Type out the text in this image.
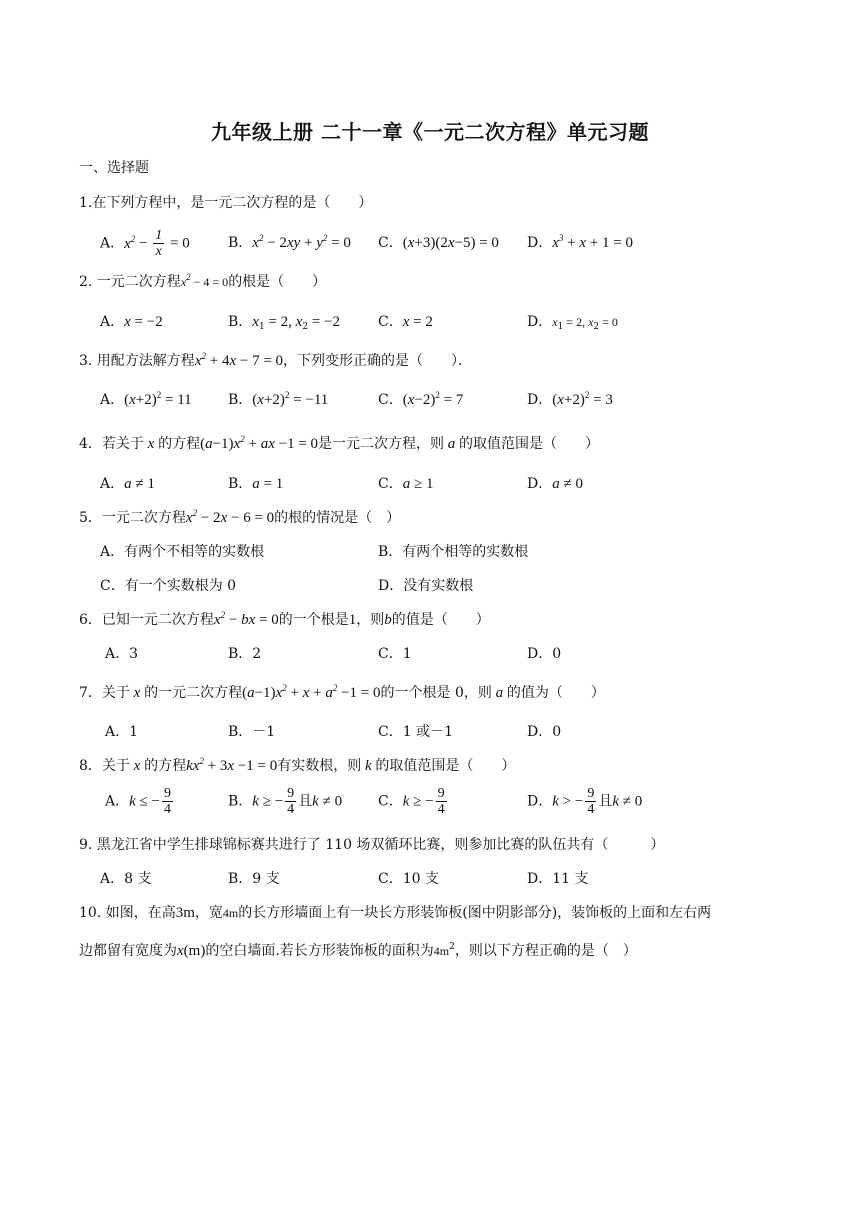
九年级上册 二十一章《一元二次方程》单元习题
一、选择题
1.在下列方程中，是一元二次方程的是（　　）
A．$x^2 - \frac{1}{x} = 0$	B．$x^2 - 2xy + y^2 = 0$ C．(x+3)(2x−5) = 0 D．$x^3 + x + 1 = 0$
2. 一元二次方程$x^2 - 4 = 0$的根是（　　）
A．x = −2	B．$x_1 = 2$, $x_2 = -2$	C．x = 2	D．$x_1 = 2$, $x_2 = 0$
3. 用配方法解方程$x^2 + 4x - 7 = 0$，下列变形正确的是（　　）．
A．$(x+2)^2 = 11$	B．$(x+2)^2 = -11$	C．$(x-2)^2 = 7$	D．$(x+2)^2 = 3$
4．若关于 x 的方程$(a-1)x^2$ + ax −1 = 0是一元二次方程，则 a 的取值范围是（　　）
A．a ≠ 1	B．a = 1	C．a ≥ 1	D．a ≠ 0
5．一元二次方程$x^2 - 2x - 6 = 0$的根的情况是（　）
A．有两个不相等的实数根	B．有两个相等的实数根
C．有一个实数根为 0	D．没有实数根
6．已知一元二次方程$x^2$ − bx = 0的一个根是1，则b的值是（　　）
A．3	B．2	C．1	D．0
7．关于 x 的一元二次方程$(a-1)x^2 + x + a^2 -1 = 0$的一个根是 0，则 a 的值为（　　）
A．1	B．－1	C．1 或－1	D．0
8．关于 x 的方程$kx^2 + 3x -1 = 0$有实数根，则 k 的取值范围是（　　）
A．k ≤ − $\frac{9}{4}$	B．k ≥ − $\frac{9}{4}$ 且k ≠ 0	C．k ≥ − $\frac{9}{4}$	D．k > − $\frac{9}{4}$ 且k ≠ 0
9. 黑龙江省中学生排球锦标赛共进行了 110 场双循环比赛，则参加比赛的队伍共有（　　　）
A．8 支	B．9 支	C．10 支	D．11 支
10. 如图，在高3m，宽4m的长方形墙面上有一块长方形装饰板(图中阴影部分)，装饰板的上面和左右两
边都留有宽度为x(m)的空白墙面.若长方形装饰板的面积为$4m^2$，则以下方程正确的是（　）
